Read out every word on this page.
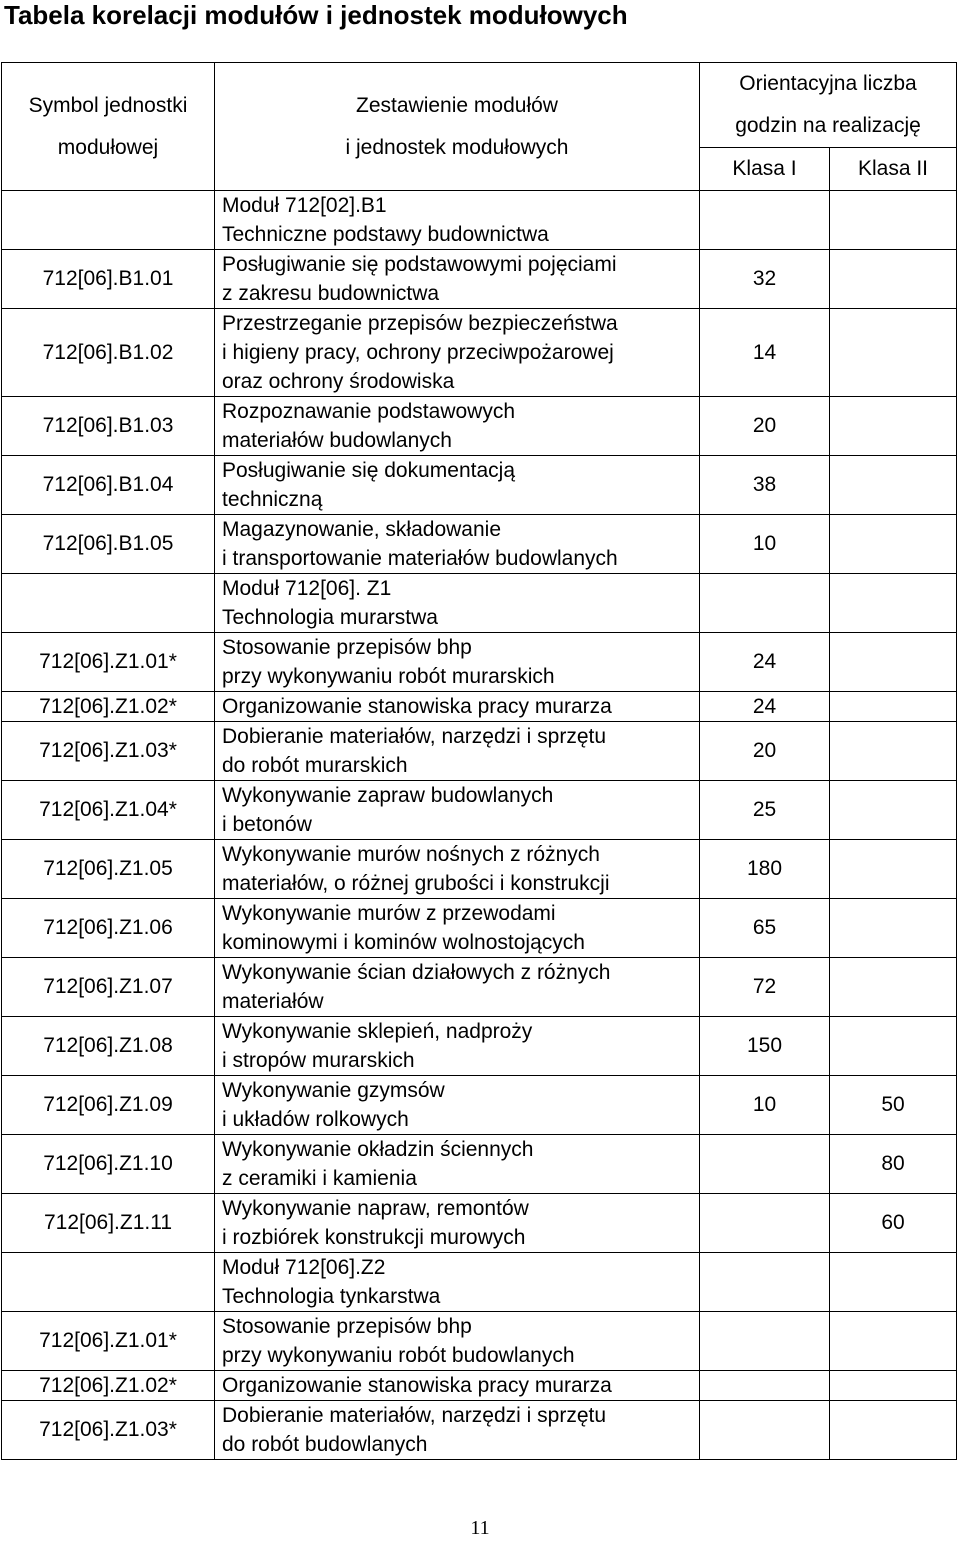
Tabela korelacji modułów i jednostek modułowych
Symbol jednostki
modułowej	Zestawienie modułów
i jednostek modułowych	Orientacyjna liczba
godzin na realizację	

		Klasa I	Klasa II

	Moduł 712[02].B1
Techniczne podstawy budownictwa		

712[06].B1.01	Posługiwanie się podstawowymi pojęciami
z zakresu budownictwa	32	
712[06].B1.02	Przestrzeganie przepisów bezpieczeństwa
i higieny pracy, ochrony przeciwpożarowej
oraz ochrony środowiska	14	
712[06].B1.03	Rozpoznawanie podstawowych
materiałów budowlanych	20	
712[06].B1.04	Posługiwanie się dokumentacją
techniczną	38	
712[06].B1.05	Magazynowanie, składowanie
i transportowanie materiałów budowlanych	10	

	Moduł 712[06]. Z1
Technologia murarstwa		

712[06].Z1.01*	Stosowanie przepisów bhp
przy wykonywaniu robót murarskich	24	
712[06].Z1.02*	Organizowanie stanowiska pracy murarza	24	
712[06].Z1.03*	Dobieranie materiałów, narzędzi i sprzętu
do robót murarskich	20	
712[06].Z1.04*	Wykonywanie zapraw budowlanych
i betonów	25	
712[06].Z1.05	Wykonywanie murów nośnych z różnych
materiałów, o różnej grubości i konstrukcji	180	
712[06].Z1.06	Wykonywanie murów z przewodami
kominowymi i kominów wolnostojących	65	
712[06].Z1.07	Wykonywanie ścian działowych z różnych
materiałów	72	
712[06].Z1.08	Wykonywanie sklepień, nadproży
i stropów murarskich	150	
712[06].Z1.09	Wykonywanie gzymsów
i układów rolkowych	10	50
712[06].Z1.10	Wykonywanie okładzin ściennych
z ceramiki i kamienia		80
712[06].Z1.11	Wykonywanie napraw, remontów
i rozbiórek konstrukcji murowych		60

	Moduł 712[06].Z2
Technologia tynkarstwa		

712[06].Z1.01*	Stosowanie przepisów bhp
przy wykonywaniu robót budowlanych		

712[06].Z1.02*	Organizowanie stanowiska pracy murarza		

712[06].Z1.03*	Dobieranie materiałów, narzędzi i sprzętu
do robót budowlanych		

11
